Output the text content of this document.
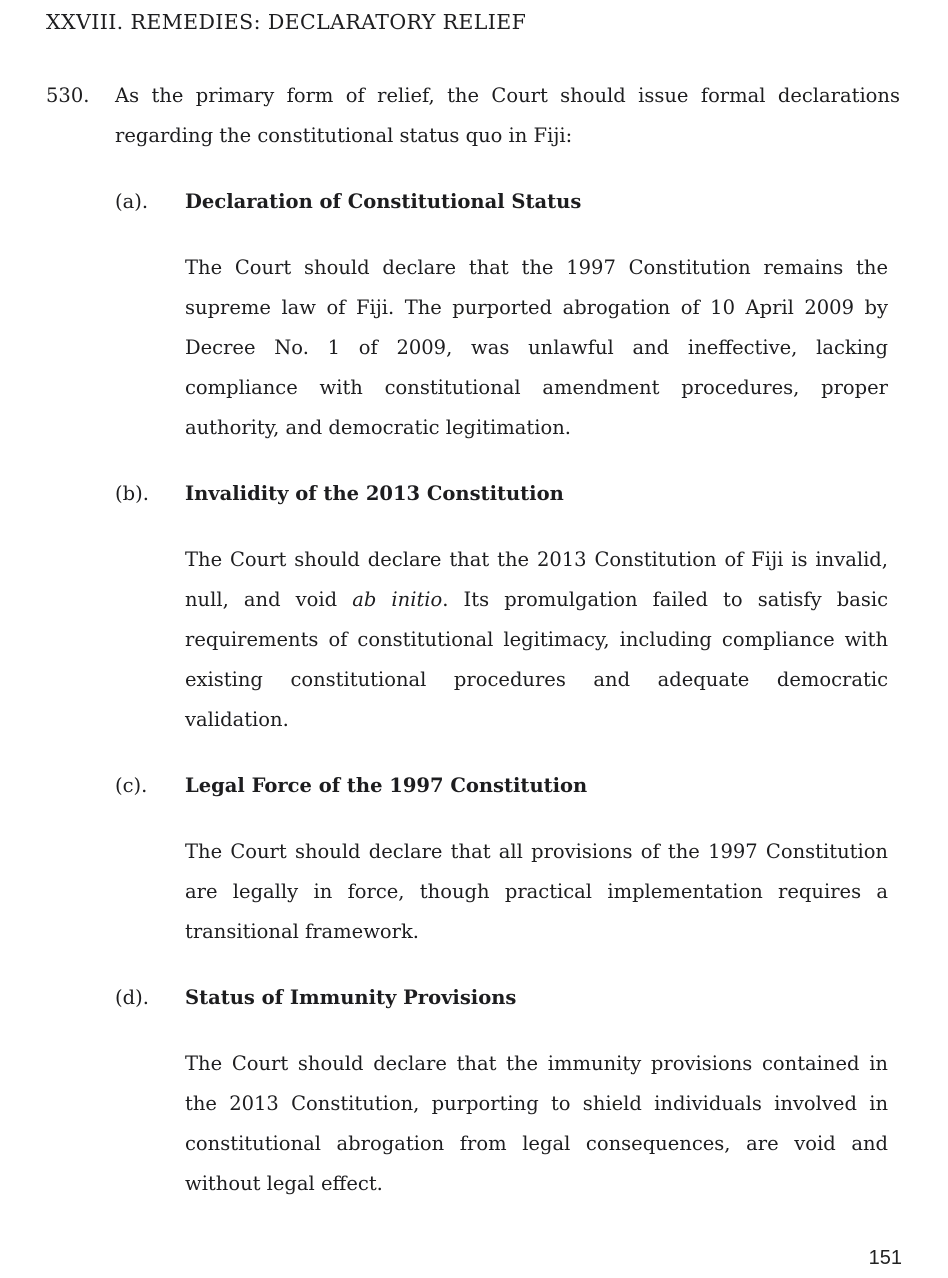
XXVIII. REMEDIES: DECLARATORY RELIEF
530.	As the primary form of relief, the Court should issue formal declarations regarding the constitutional status quo in Fiji:

(a).	Declaration of Constitutional Status

The Court should declare that the 1997 Constitution remains the supreme law of Fiji. The purported abrogation of 10 April 2009 by Decree No. 1 of 2009, was unlawful and ineffective, lacking compliance with constitutional amendment procedures, proper authority, and democratic legitimation.

(b).	Invalidity of the 2013 Constitution

The Court should declare that the 2013 Constitution of Fiji is invalid, null, and void ab initio. Its promulgation failed to satisfy basic requirements of constitutional legitimacy, including compliance with existing constitutional procedures and adequate democratic validation.

(c).	Legal Force of the 1997 Constitution

The Court should declare that all provisions of the 1997 Constitution are legally in force, though practical implementation requires a transitional framework.

(d).	Status of Immunity Provisions

The Court should declare that the immunity provisions contained in the 2013 Constitution, purporting to shield individuals involved in constitutional abrogation from legal consequences, are void and without legal effect.

151
